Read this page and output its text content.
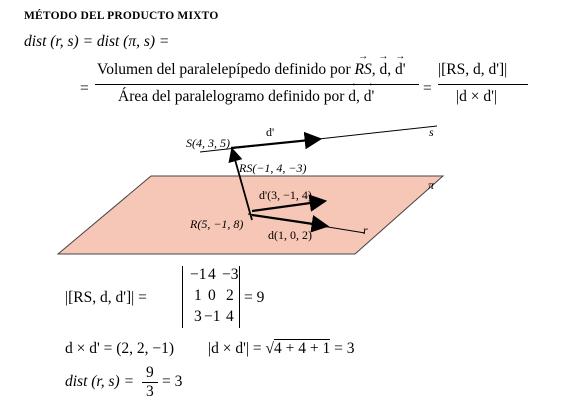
MÉTODO DEL PRODUCTO MIXTO
dist (r, s) = dist (π, s) =
=
Volumen del paralelepípedo definido por → RS, → d, → d'
Área del paralelogramo definido por → d, → d'	=
|[RS, d, d']|
|d × d'|
S(4, 3, 5)
d'	s
RS(−1, 4, −3)
d'(3, −1, 4)
π
R(5, −1, 8)
d(1, 0, 2)	r
|[RS, d, d']| =
−1 4 −3
1 0 2
3 −1 4
= 9
d × d' = (2, 2, −1) |d × d'| = √4 + 4 + 1 = 3
dist (r, s) =
9
3
= 3
